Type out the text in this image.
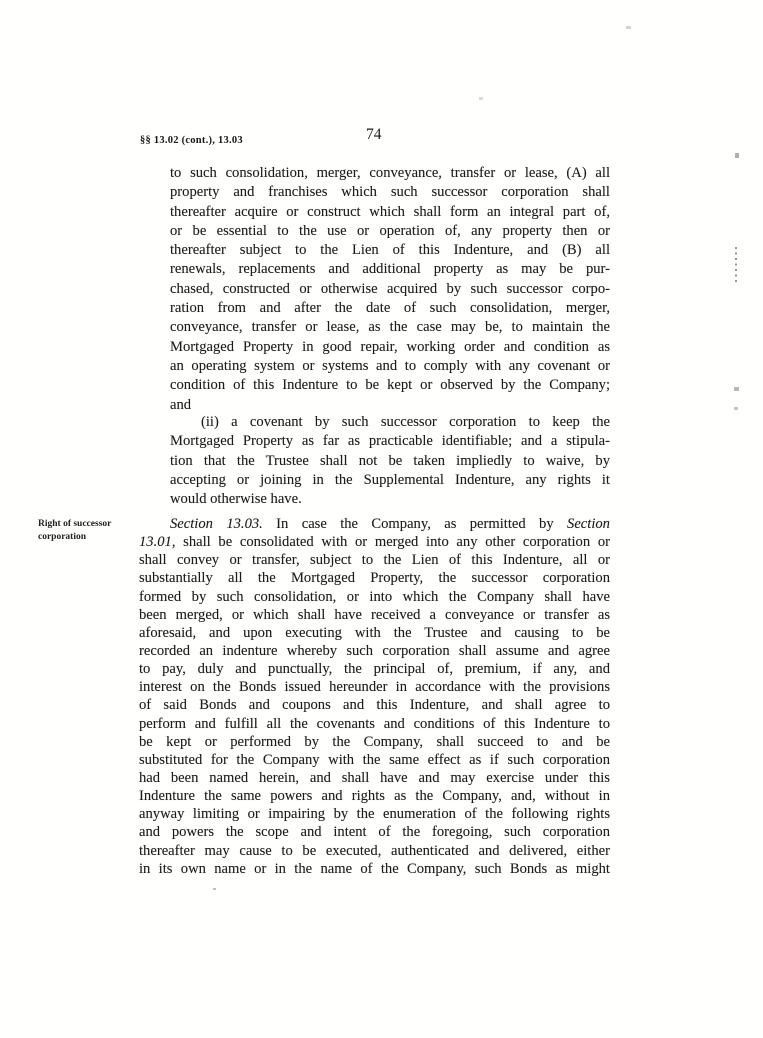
§§ 13.02 (cont.), 13.03	74
Right of successor corporation
to such consolidation, merger, conveyance, transfer or lease, (A) all
property and franchises which such successor corporation shall
thereafter acquire or construct which shall form an integral part of,
or be essential to the use or operation of, any property then or
thereafter subject to the Lien of this Indenture, and (B) all
renewals, replacements and additional property as may be pur-
chased, constructed or otherwise acquired by such successor corpo-
ration from and after the date of such consolidation, merger,
conveyance, transfer or lease, as the case may be, to maintain the
Mortgaged Property in good repair, working order and condition as
an operating system or systems and to comply with any covenant or
condition of this Indenture to be kept or observed by the Company;
and
(ii) a covenant by such successor corporation to keep the
Mortgaged Property as far as practicable identifiable; and a stipula-
tion that the Trustee shall not be taken impliedly to waive, by
accepting or joining in the Supplemental Indenture, any rights it
would otherwise have.
Section 13.03. In case the Company, as permitted by Section
13.01, shall be consolidated with or merged into any other corporation or
shall convey or transfer, subject to the Lien of this Indenture, all or
substantially all the Mortgaged Property, the successor corporation
formed by such consolidation, or into which the Company shall have
been merged, or which shall have received a conveyance or transfer as
aforesaid, and upon executing with the Trustee and causing to be
recorded an indenture whereby such corporation shall assume and agree
to pay, duly and punctually, the principal of, premium, if any, and
interest on the Bonds issued hereunder in accordance with the provisions
of said Bonds and coupons and this Indenture, and shall agree to
perform and fulfill all the covenants and conditions of this Indenture to
be kept or performed by the Company, shall succeed to and be
substituted for the Company with the same effect as if such corporation
had been named herein, and shall have and may exercise under this
Indenture the same powers and rights as the Company, and, without in
anyway limiting or impairing by the enumeration of the following rights
and powers the scope and intent of the foregoing, such corporation
thereafter may cause to be executed, authenticated and delivered, either
in its own name or in the name of the Company, such Bonds as might
